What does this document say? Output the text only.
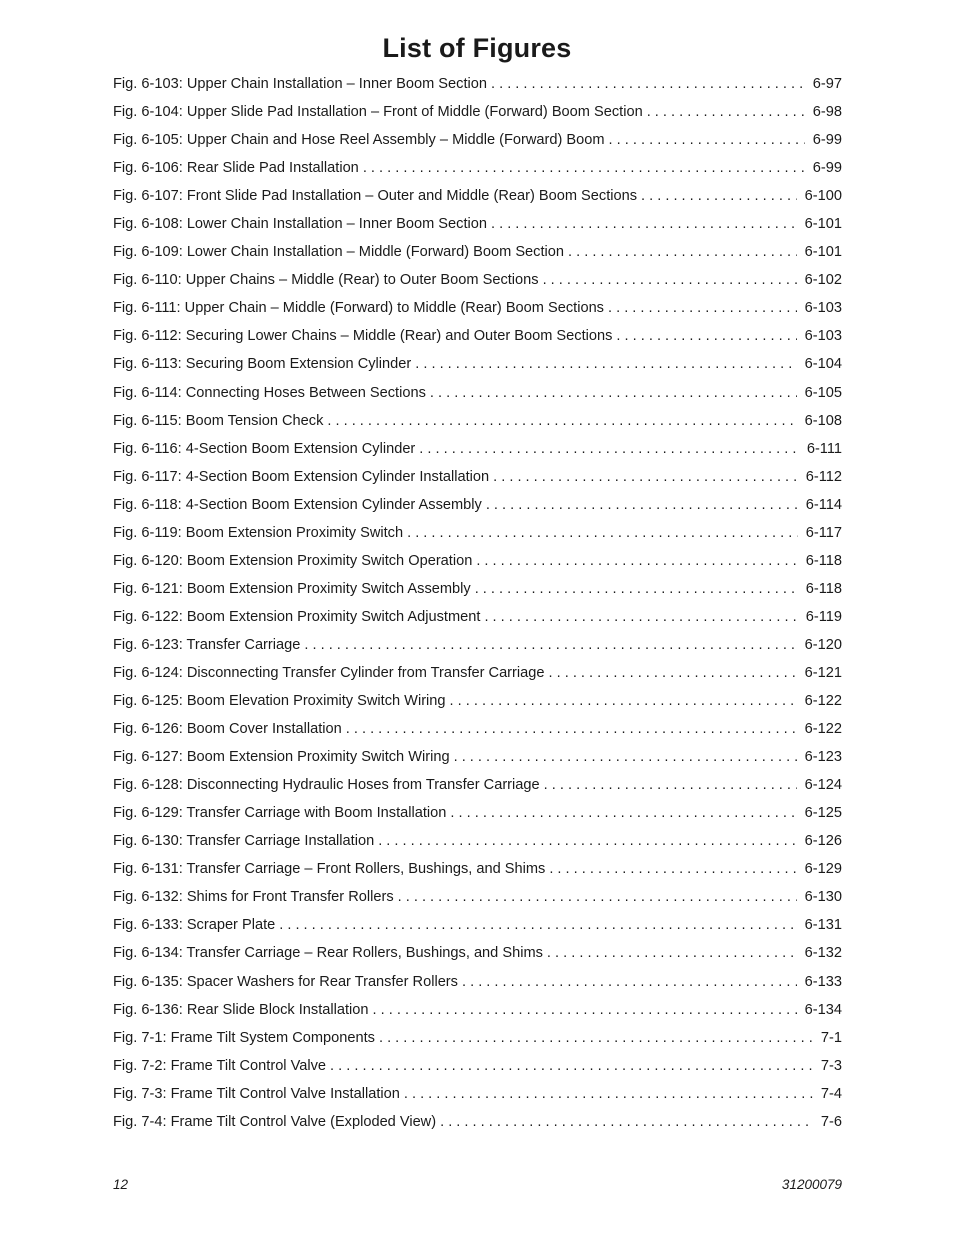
List of Figures
Fig. 6-103: Upper Chain Installation – Inner Boom Section . . .	6-97
Fig. 6-104: Upper Slide Pad Installation – Front of Middle (Forward) Boom Section . . .	6-98
Fig. 6-105: Upper Chain and Hose Reel Assembly – Middle (Forward) Boom . . .	6-99
Fig. 6-106: Rear Slide Pad Installation . . .	6-99
Fig. 6-107: Front Slide Pad Installation – Outer and Middle (Rear) Boom Sections . . .	6-100
Fig. 6-108: Lower Chain Installation – Inner Boom Section . . .	6-101
Fig. 6-109: Lower Chain Installation – Middle (Forward) Boom Section . . .	6-101
Fig. 6-110: Upper Chains – Middle (Rear) to Outer Boom Sections . . .	6-102
Fig. 6-111: Upper Chain – Middle (Forward) to Middle (Rear) Boom Sections . . .	6-103
Fig. 6-112: Securing Lower Chains – Middle (Rear) and Outer Boom Sections . . .	6-103
Fig. 6-113: Securing Boom Extension Cylinder . . .	6-104
Fig. 6-114: Connecting Hoses Between Sections . . .	6-105
Fig. 6-115: Boom Tension Check . . .	6-108
Fig. 6-116: 4-Section Boom Extension Cylinder . . .	6-111
Fig. 6-117: 4-Section Boom Extension Cylinder Installation . . .	6-112
Fig. 6-118: 4-Section Boom Extension Cylinder Assembly . . .	6-114
Fig. 6-119: Boom Extension Proximity Switch . . .	6-117
Fig. 6-120: Boom Extension Proximity Switch Operation . . .	6-118
Fig. 6-121: Boom Extension Proximity Switch Assembly . . .	6-118
Fig. 6-122: Boom Extension Proximity Switch Adjustment . . .	6-119
Fig. 6-123: Transfer Carriage . . .	6-120
Fig. 6-124: Disconnecting Transfer Cylinder from Transfer Carriage . . .	6-121
Fig. 6-125: Boom Elevation Proximity Switch Wiring . . .	6-122
Fig. 6-126: Boom Cover Installation . . .	6-122
Fig. 6-127: Boom Extension Proximity Switch Wiring . . .	6-123
Fig. 6-128: Disconnecting Hydraulic Hoses from Transfer Carriage . . .	6-124
Fig. 6-129: Transfer Carriage with Boom Installation . . .	6-125
Fig. 6-130: Transfer Carriage Installation . . .	6-126
Fig. 6-131: Transfer Carriage – Front Rollers, Bushings, and Shims . . .	6-129
Fig. 6-132: Shims for Front Transfer Rollers . . .	6-130
Fig. 6-133: Scraper Plate . . .	6-131
Fig. 6-134: Transfer Carriage – Rear Rollers, Bushings, and Shims . . .	6-132
Fig. 6-135: Spacer Washers for Rear Transfer Rollers . . .	6-133
Fig. 6-136: Rear Slide Block Installation . . .	6-134
Fig. 7-1: Frame Tilt System Components . . .	7-1
Fig. 7-2: Frame Tilt Control Valve . . .	7-3
Fig. 7-3: Frame Tilt Control Valve Installation . . .	7-4
Fig. 7-4: Frame Tilt Control Valve (Exploded View) . . .	7-6
12	31200079
